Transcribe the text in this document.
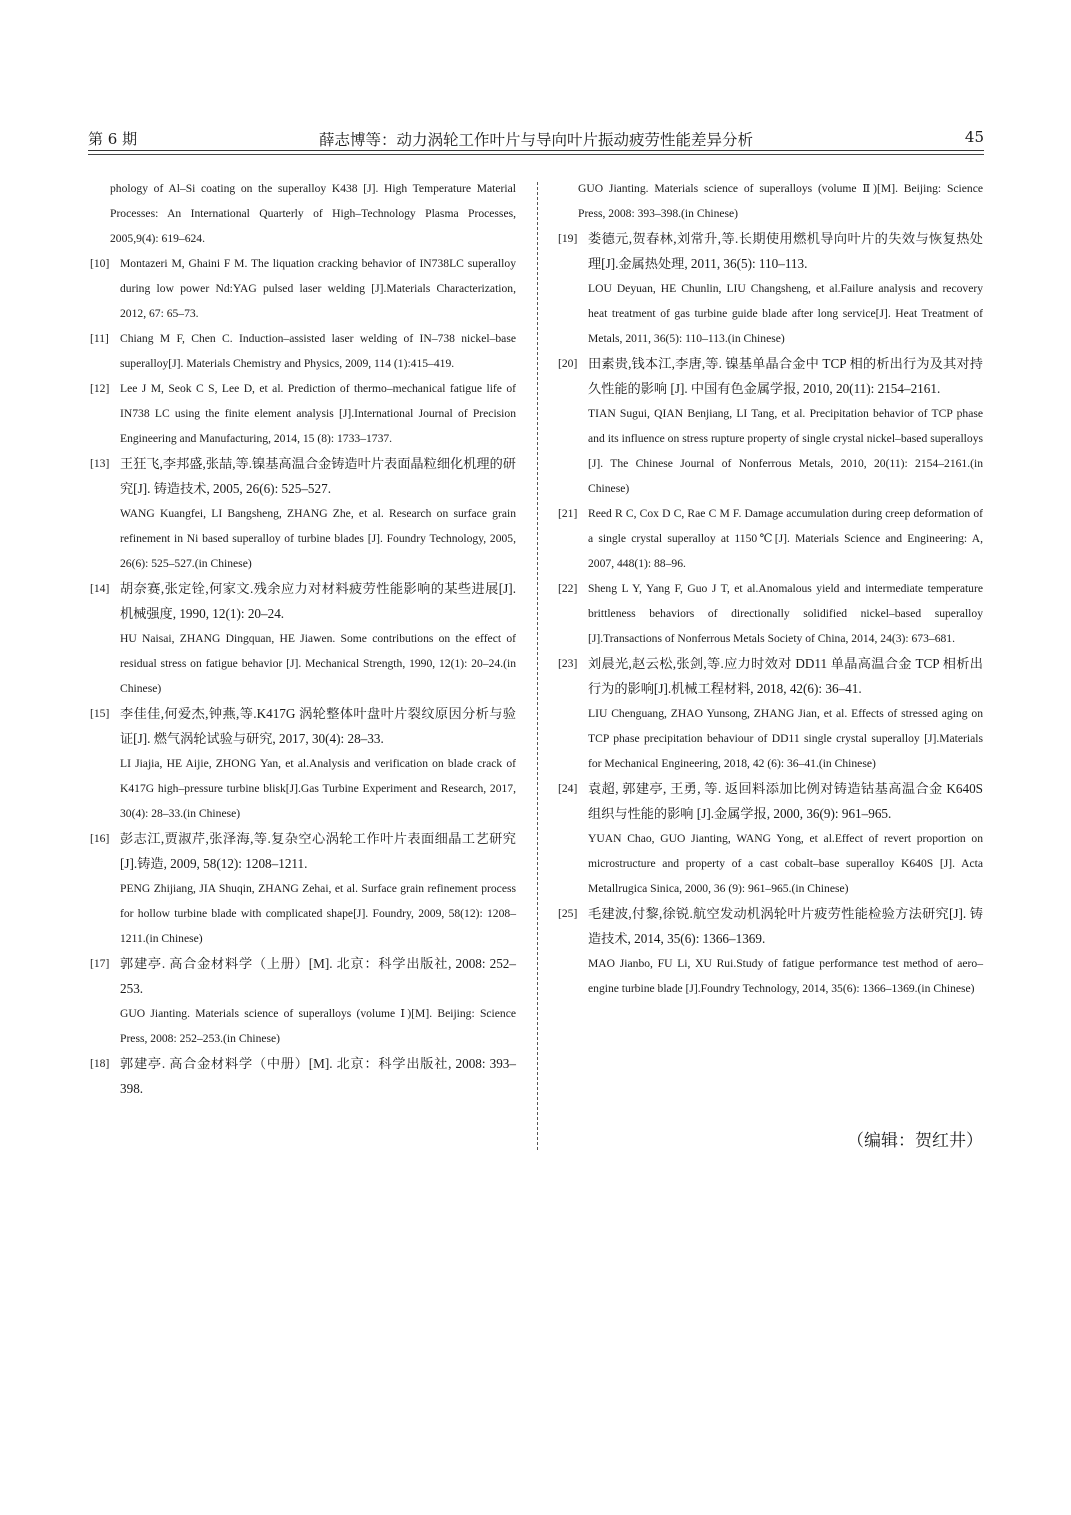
第 6 期	薛志博等：动力涡轮工作叶片与导向叶片振动疲劳性能差异分析	45
phology of Al–Si coating on the superalloy K438 [J]. High Temperature Material Processes: An International Quarterly of High–Technology Plasma Processes, 2005,9(4): 619–624.
[10] Montazeri M, Ghaini F M. The liquation cracking behavior of IN738LC superalloy during low power Nd:YAG pulsed laser welding [J].Materials Characterization, 2012, 67: 65–73.
[11] Chiang M F, Chen C. Induction–assisted laser welding of IN–738 nickel–base superalloy[J]. Materials Chemistry and Physics, 2009, 114 (1):415–419.
[12] Lee J M, Seok C S, Lee D, et al. Prediction of thermo–mechanical fatigue life of IN738 LC using the finite element analysis [J].International Journal of Precision Engineering and Manufacturing, 2014, 15 (8): 1733–1737.
[13] 王狂飞,李邦盛,张喆,等.镍基高温合金铸造叶片表面晶粒细化机理的研究[J]. 铸造技术, 2005, 26(6): 525–527.
WANG Kuangfei, LI Bangsheng, ZHANG Zhe, et al. Research on surface grain refinement in Ni based superalloy of turbine blades [J]. Foundry Technology, 2005, 26(6): 525–527.(in Chinese)
[14] 胡奈赛,张定铨,何家文.残余应力对材料疲劳性能影响的某些进展[J]. 机械强度, 1990, 12(1): 20–24.
HU Naisai, ZHANG Dingquan, HE Jiawen. Some contributions on the effect of residual stress on fatigue behavior [J]. Mechanical Strength, 1990, 12(1): 20–24.(in Chinese)
[15] 李佳佳,何爱杰,钟燕,等.K417G 涡轮整体叶盘叶片裂纹原因分析与验证[J]. 燃气涡轮试验与研究, 2017, 30(4): 28–33.
LI Jiajia, HE Aijie, ZHONG Yan, et al.Analysis and verification on blade crack of K417G high–pressure turbine blisk[J].Gas Turbine Experiment and Research, 2017, 30(4): 28–33.(in Chinese)
[16] 彭志江,贾淑芹,张泽海,等.复杂空心涡轮工作叶片表面细晶工艺研究[J].铸造, 2009, 58(12): 1208–1211.
PENG Zhijiang, JIA Shuqin, ZHANG Zehai, et al. Surface grain refinement process for hollow turbine blade with complicated shape[J]. Foundry, 2009, 58(12): 1208–1211.(in Chinese)
[17] 郭建亭. 高合金材料学（上册）[M]. 北京：科学出版社, 2008: 252–253.
GUO Jianting. Materials science of superalloys (volume Ⅰ)[M]. Beijing: Science Press, 2008: 252–253.(in Chinese)
[18] 郭建亭. 高合金材料学（中册）[M]. 北京：科学出版社, 2008: 393–398.
GUO Jianting. Materials science of superalloys (volume Ⅱ)[M]. Beijing: Science Press, 2008: 393–398.(in Chinese)
[19] 娄德元,贺春林,刘常升,等.长期使用燃机导向叶片的失效与恢复热处理[J].金属热处理, 2011, 36(5): 110–113.
LOU Deyuan, HE Chunlin, LIU Changsheng, et al.Failure analysis and recovery heat treatment of gas turbine guide blade after long service[J]. Heat Treatment of Metals, 2011, 36(5): 110–113.(in Chinese)
[20] 田素贵,钱本江,李唐,等. 镍基单晶合金中 TCP 相的析出行为及其对持久性能的影响 [J]. 中国有色金属学报, 2010, 20(11): 2154–2161.
TIAN Sugui, QIAN Benjiang, LI Tang, et al. Precipitation behavior of TCP phase and its influence on stress rupture property of single crystal nickel–based superalloys [J]. The Chinese Journal of Nonferrous Metals, 2010, 20(11): 2154–2161.(in Chinese)
[21] Reed R C, Cox D C, Rae C M F. Damage accumulation during creep deformation of a single crystal superalloy at 1150℃[J]. Materials Science and Engineering: A, 2007, 448(1): 88–96.
[22] Sheng L Y, Yang F, Guo J T, et al.Anomalous yield and intermediate temperature brittleness behaviors of directionally solidified nickel–based superalloy [J].Transactions of Nonferrous Metals Society of China, 2014, 24(3): 673–681.
[23] 刘晨光,赵云松,张剑,等.应力时效对 DD11 单晶高温合金 TCP 相析出行为的影响[J].机械工程材料, 2018, 42(6): 36–41.
LIU Chenguang, ZHAO Yunsong, ZHANG Jian, et al. Effects of stressed aging on TCP phase precipitation behaviour of DD11 single crystal superalloy [J].Materials for Mechanical Engineering, 2018, 42 (6): 36–41.(in Chinese)
[24] 袁超, 郭建亭, 王勇, 等. 返回料添加比例对铸造钴基高温合金 K640S 组织与性能的影响 [J].金属学报, 2000, 36(9): 961–965.
YUAN Chao, GUO Jianting, WANG Yong, et al.Effect of revert proportion on microstructure and property of a cast cobalt–base superalloy K640S [J]. Acta Metallrugica Sinica, 2000, 36 (9): 961–965.(in Chinese)
[25] 毛建波,付黎,徐锐.航空发动机涡轮叶片疲劳性能检验方法研究[J]. 铸造技术, 2014, 35(6): 1366–1369.
MAO Jianbo, FU Li, XU Rui.Study of fatigue performance test method of aero–engine turbine blade [J].Foundry Technology, 2014, 35(6): 1366–1369.(in Chinese)
（编辑：贺红井）
